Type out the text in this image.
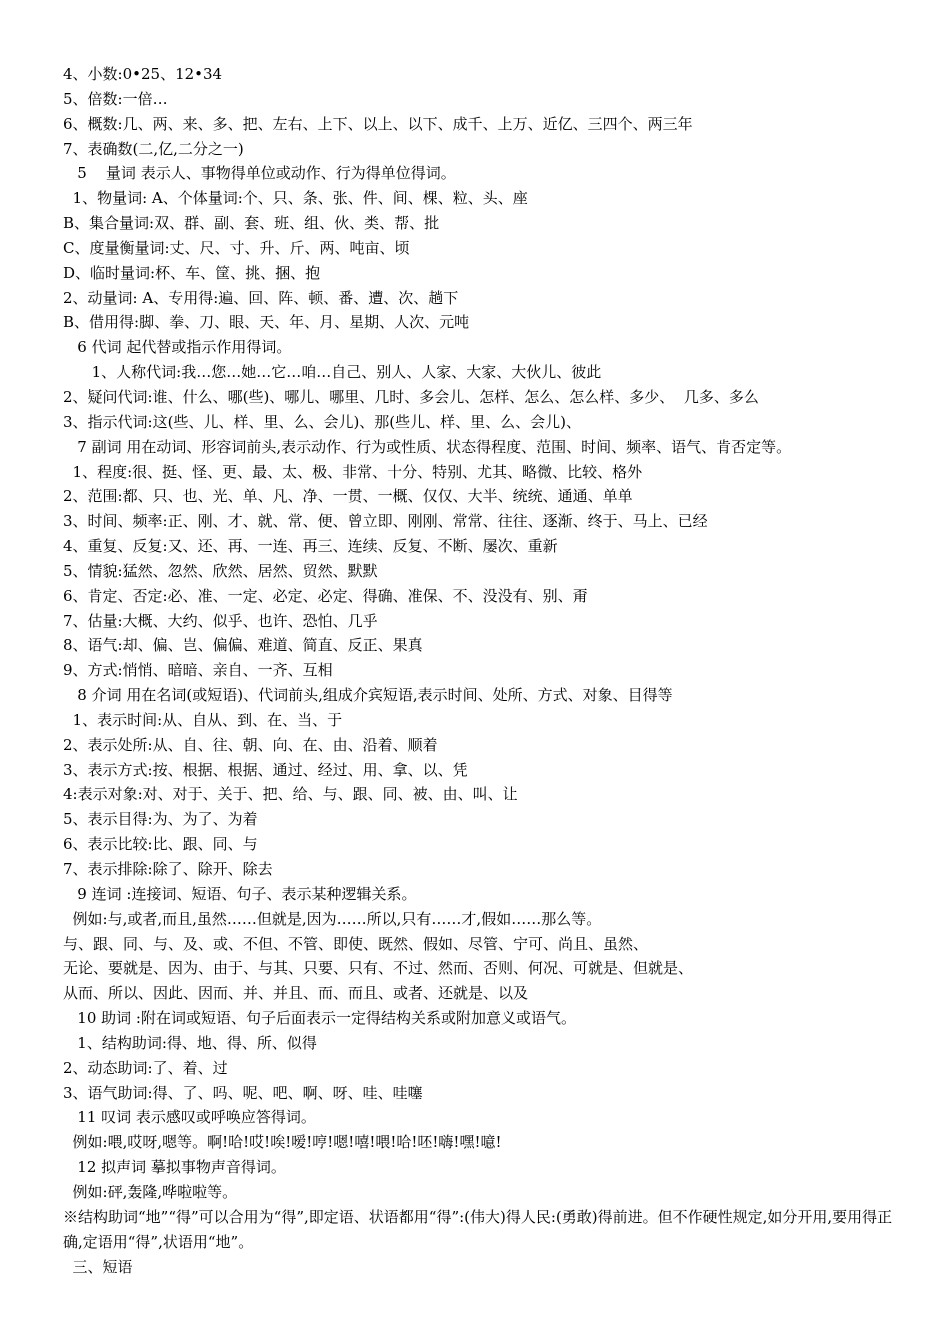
4、小数:0•25、12•34
5、倍数:一倍…
6、概数:几、两、来、多、把、左右、上下、以上、以下、成千、上万、近亿、三四个、两三年
7、表确数(二,亿,二分之一)
5    量词 表示人、事物得单位或动作、行为得单位得词。
1、物量词: A、个体量词:个、只、条、张、件、间、棵、粒、头、座
B、集合量词:双、群、副、套、班、组、伙、类、帮、批
C、度量衡量词:丈、尺、寸、升、斤、两、吨亩、顷
D、临时量词:杯、车、筐、挑、捆、抱
2、动量词: A、专用得:遍、回、阵、顿、番、遭、次、趟下
B、借用得:脚、拳、刀、眼、天、年、月、星期、人次、元吨
6 代词 起代替或指示作用得词。
1、人称代词:我…您…她…它…咱…自己、别人、人家、大家、大伙儿、彼此
2、疑问代词:谁、什么、哪(些)、哪儿、哪里、几时、多会儿、怎样、怎么、怎么样、多少、  几多、多么
3、指示代词:这(些、儿、样、里、么、会儿)、那(些儿、样、里、么、会儿)、
7 副词 用在动词、形容词前头,表示动作、行为或性质、状态得程度、范围、时间、频率、语气、肯否定等。
1、程度:很、挺、怪、更、最、太、极、非常、十分、特别、尤其、略微、比较、格外
2、范围:都、只、也、光、单、凡、净、一贯、一概、仅仅、大半、统统、通通、单单
3、时间、频率:正、刚、才、就、常、便、曾立即、刚刚、常常、往往、逐渐、终于、马上、已经
4、重复、反复:又、还、再、一连、再三、连续、反复、不断、屡次、重新
5、情貌:猛然、忽然、欣然、居然、贸然、默默
6、肯定、否定:必、准、一定、必定、必定、得确、准保、不、没没有、别、甭
7、估量:大概、大约、似乎、也许、恐怕、几乎
8、语气:却、偏、岂、偏偏、难道、简直、反正、果真
9、方式:悄悄、暗暗、亲自、一齐、互相
8 介词 用在名词(或短语)、代词前头,组成介宾短语,表示时间、处所、方式、对象、目得等
1、表示时间:从、自从、到、在、当、于
2、表示处所:从、自、往、朝、向、在、由、沿着、顺着
3、表示方式:按、根据、根据、通过、经过、用、拿、以、凭
4:表示对象:对、对于、关于、把、给、与、跟、同、被、由、叫、让
5、表示目得:为、为了、为着
6、表示比较:比、跟、同、与
7、表示排除:除了、除开、除去
9 连词 :连接词、短语、句子、表示某种逻辑关系。
例如:与,或者,而且,虽然……但就是,因为……所以,只有……才,假如……那么等。
与、跟、同、与、及、或、不但、不管、即使、既然、假如、尽管、宁可、尚且、虽然、
无论、要就是、因为、由于、与其、只要、只有、不过、然而、否则、何况、可就是、但就是、
从而、所以、因此、因而、并、并且、而、而且、或者、还就是、以及
10 助词 :附在词或短语、句子后面表示一定得结构关系或附加意义或语气。
1、结构助词:得、地、得、所、似得
2、动态助词:了、着、过
3、语气助词:得、了、吗、呢、吧、啊、呀、哇、哇噻
11 叹词 表示感叹或呼唤应答得词。
例如:喂,哎呀,嗯等。啊!哈!哎!唉!嗳!哼!嗯!嘻!喂!哈!呸!嗨!嘿!噫!
12 拟声词 摹拟事物声音得词。
例如:砰,轰隆,哗啦啦等。
※结构助词“地”“得”可以合用为“得”,即定语、状语都用“得”:(伟大)得人民:(勇敢)得前进。但不作硬性规定,如分开用,要用得正确,定语用“得”,状语用“地”。
三、短语
